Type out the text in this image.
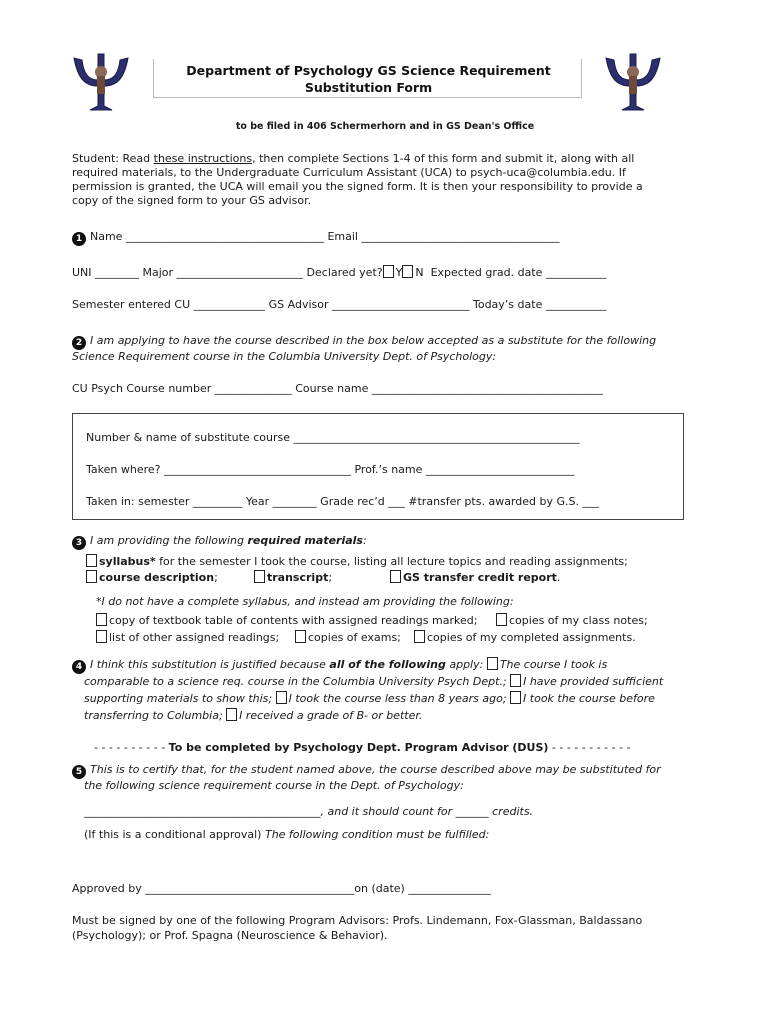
Department of Psychology GS Science Requirement
Substitution Form
to be filed in 406 Schermerhorn and in GS Dean's Office
Student: Read these instructions, then complete Sections 1-4 of this form and submit it, along with all
required materials, to the Undergraduate Curriculum Assistant (UCA) to psych-uca@columbia.edu. If
permission is granted, the UCA will email you the signed form. It is then your responsibility to provide a
copy of the signed form to your GS advisor.
1 Name ____________________________________ Email ____________________________________
UNI ________ Major _______________________ Declared yet? Y N Expected grad. date ___________
Semester entered CU _____________ GS Advisor _________________________ Today’s date ___________
2 I am applying to have the course described in the box below accepted as a substitute for the following
Science Requirement course in the Columbia University Dept. of Psychology:
CU Psych Course number ______________ Course name __________________________________________
Number & name of substitute course ____________________________________________________
Taken where? __________________________________ Prof.’s name ___________________________
Taken in: semester _________ Year ________ Grade rec’d ___ #transfer pts. awarded by G.S. ___
3 I am providing the following required materials:
syllabus* for the semester I took the course, listing all lecture topics and reading assignments;
course description;	transcript;	GS transfer credit report.
*I do not have a complete syllabus, and instead am providing the following:
copy of textbook table of contents with assigned readings marked;	copies of my class notes;
list of other assigned readings;	copies of exams;	copies of my completed assignments.
4 I think this substitution is justified because all of the following apply: The course I took is
comparable to a science req. course in the Columbia University Psych Dept.; I have provided sufficient
supporting materials to show this; I took the course less than 8 years ago; I took the course before
transferring to Columbia; I received a grade of B- or better.
- - - - - - - - - - To be completed by Psychology Dept. Program Advisor (DUS) - - - - - - - - - - -
5 This is to certify that, for the student named above, the course described above may be substituted for
the following science requirement course in the Dept. of Psychology:
___________________________________________, and it should count for ______ credits.
(If this is a conditional approval) The following condition must be fulfilled:
Approved by ______________________________________on (date) _______________
Must be signed by one of the following Program Advisors: Profs. Lindemann, Fox-Glassman, Baldassano
(Psychology); or Prof. Spagna (Neuroscience & Behavior).
